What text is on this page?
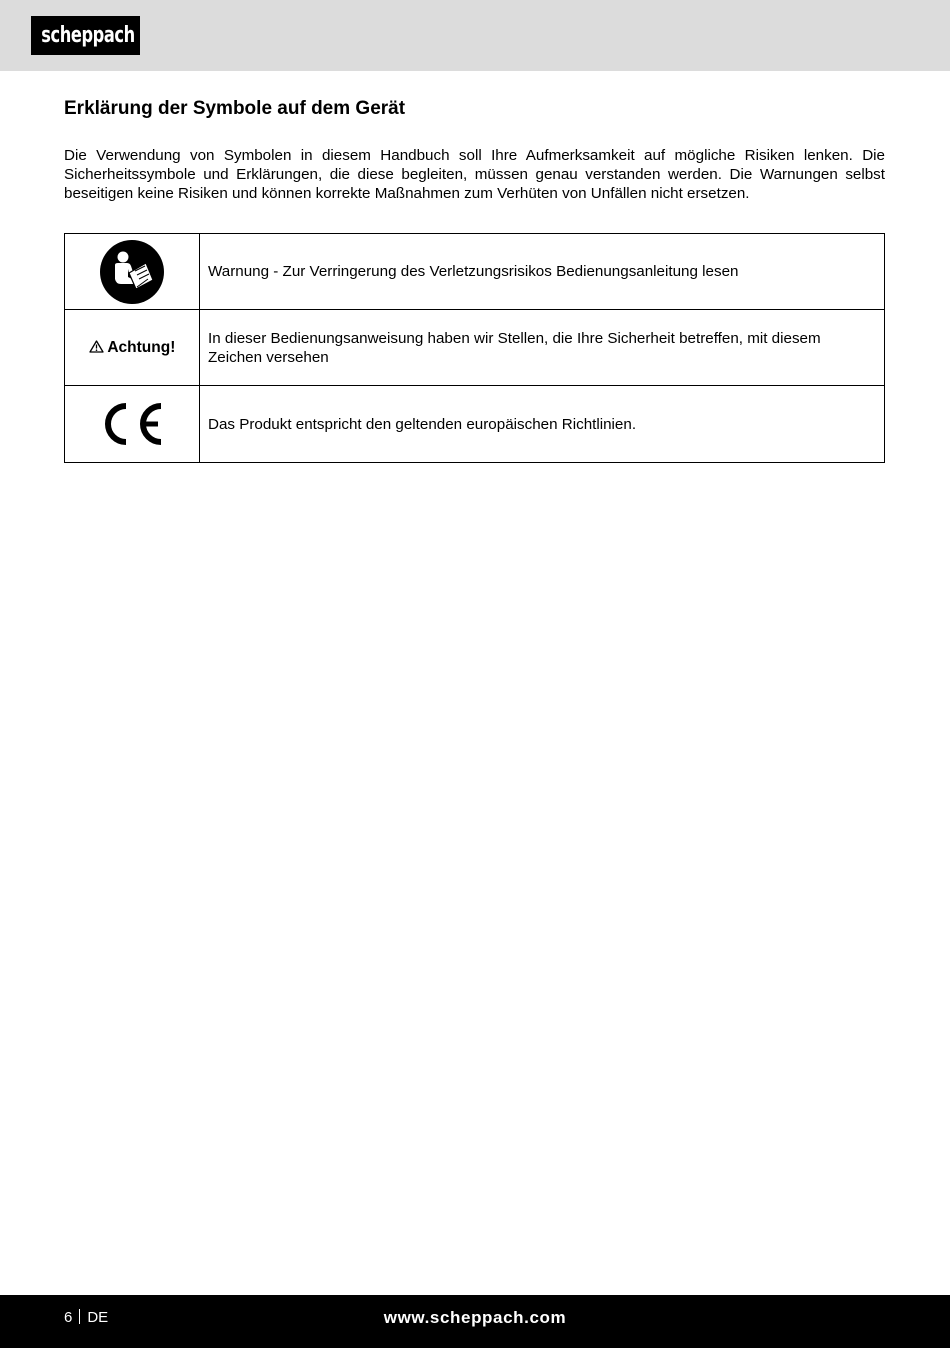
scheppach
Erklärung der Symbole auf dem Gerät

Die Verwendung von Symbolen in diesem Handbuch soll Ihre Aufmerksamkeit auf mögliche Risiken lenken. Die Sicherheitssymbole und Erklärungen, die diese begleiten, müssen genau verstanden werden. Die Warnungen selbst beseitigen keine Risiken und können korrekte Maßnahmen zum Verhüten von Unfällen nicht ersetzen.

	Warnung - Zur Verringerung des Verletzungsrisikos Bedienungsanleitung lesen
Achtung!	In dieser Bedienungsanweisung haben wir Stellen, die Ihre Sicherheit betreffen, mit diesem Zeichen versehen

	Das Produkt entspricht den geltenden europäischen Richtlinien.
6 DE	www.scheppach.com
